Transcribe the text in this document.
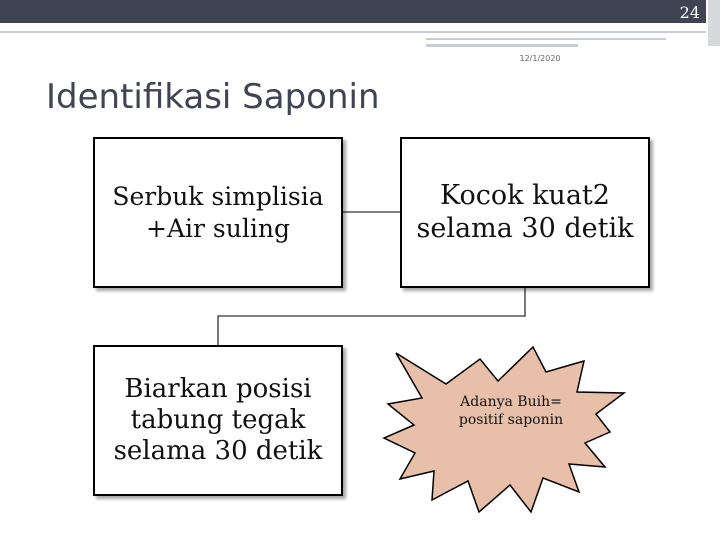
24
12/1/2020
Identifikasi Saponin
Serbuk simplisia +Air suling
Kocok kuat2 selama 30 detik
Biarkan posisi tabung tegak selama 30 detik
Adanya Buih= positif saponin
